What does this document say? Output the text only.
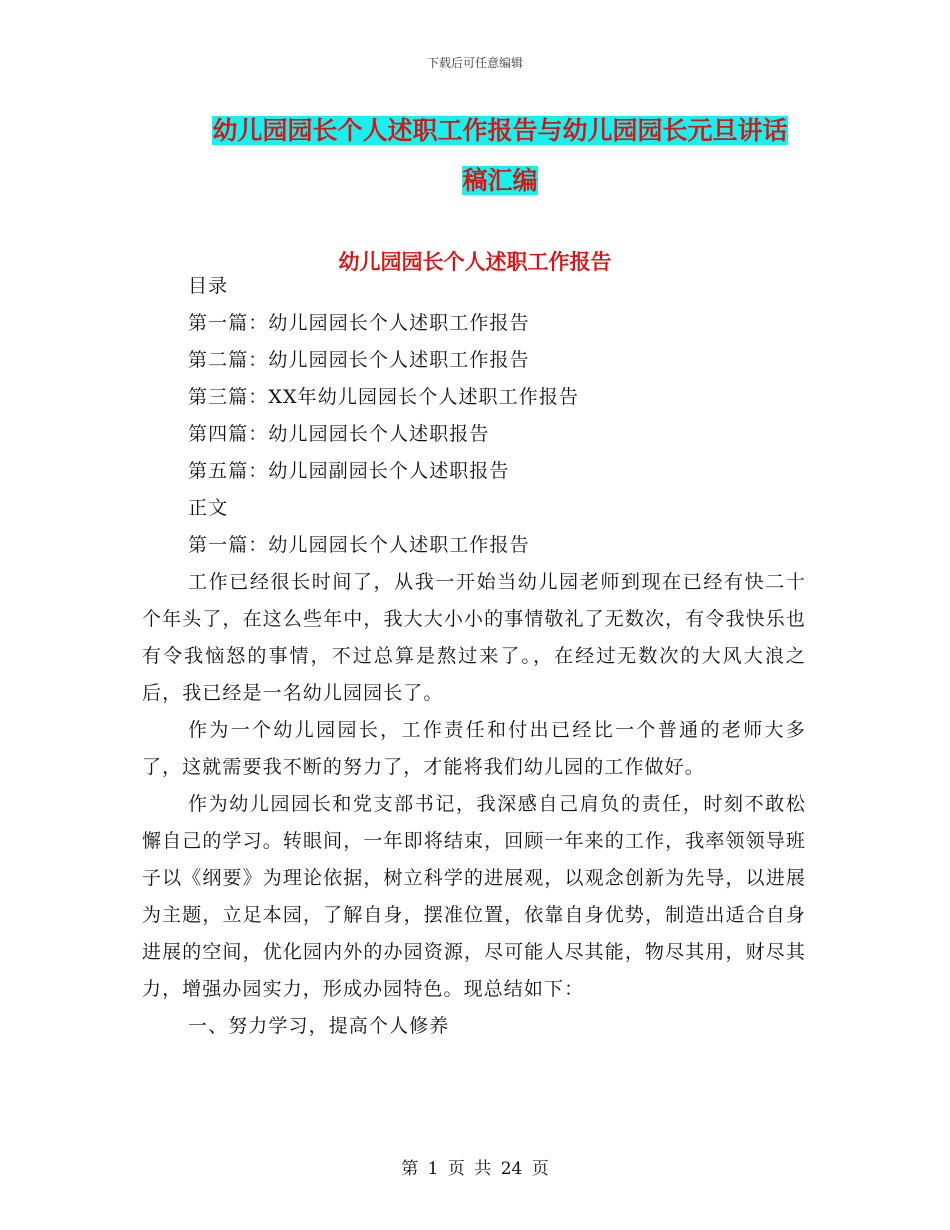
下载后可任意编辑
幼儿园园长个人述职工作报告与幼儿园园长元旦讲话
稿汇编
幼儿园园长个人述职工作报告

目录

第一篇：幼儿园园长个人述职工作报告

第二篇：幼儿园园长个人述职工作报告

第三篇：XX年幼儿园园长个人述职工作报告

第四篇：幼儿园园长个人述职报告

第五篇：幼儿园副园长个人述职报告

正文

第一篇：幼儿园园长个人述职工作报告

工作已经很长时间了，从我一开始当幼儿园老师到现在已经有快二十个年头了，在这么些年中，我大大小小的事情敬礼了无数次，有令我快乐也有令我恼怒的事情，不过总算是熬过来了。，在经过无数次的大风大浪之后，我已经是一名幼儿园园长了。

作为一个幼儿园园长，工作责任和付出已经比一个普通的老师大多了，这就需要我不断的努力了，才能将我们幼儿园的工作做好。

作为幼儿园园长和党支部书记，我深感自己肩负的责任，时刻不敢松懈自己的学习。转眼间，一年即将结束，回顾一年来的工作，我率领领导班子以《纲要》为理论依据，树立科学的进展观，以观念创新为先导，以进展为主题，立足本园，了解自身，摆准位置，依靠自身优势，制造出适合自身进展的空间，优化园内外的办园资源，尽可能人尽其能，物尽其用，财尽其力，增强办园实力，形成办园特色。现总结如下：

一、努力学习，提高个人修养

第 1 页 共 24 页
